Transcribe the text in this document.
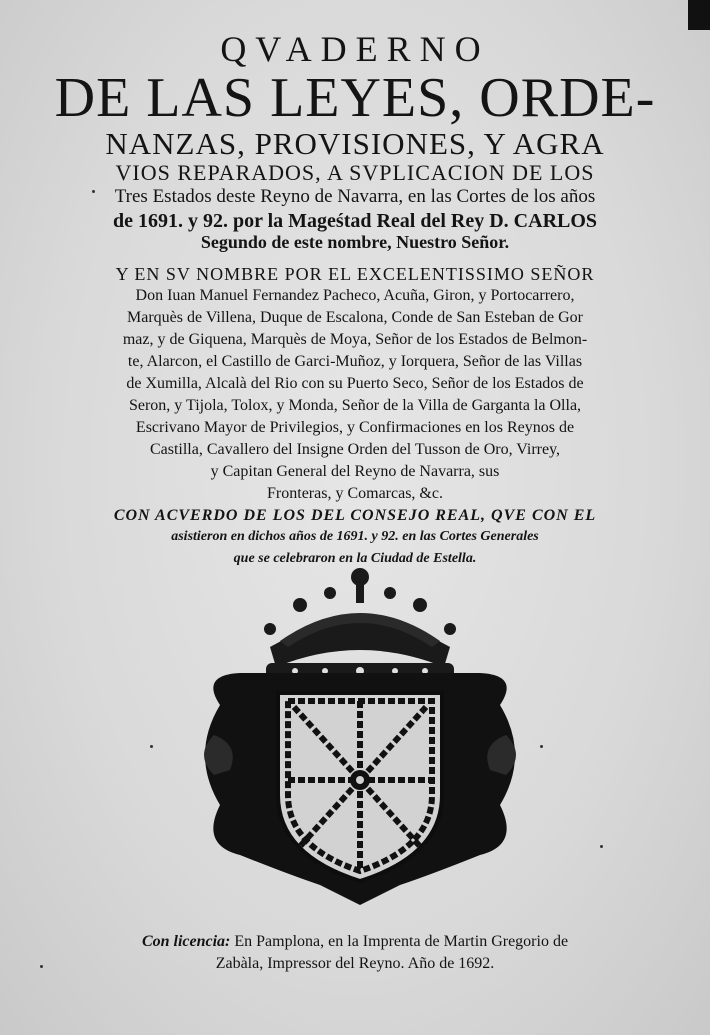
QVADERNO
DE LAS LEYES, ORDE-
NANZAS, PROVISIONES, Y AGRA
VIOS REPARADOS, A SVPLICACION DE LOS
Tres Estados deste Reyno de Navarra, en las Cortes de los años
de 1691. y 92. por la Mageśtad Real del Rey D. CARLOS
Segundo de este nombre, Nuestro Señor.
Y EN SV NOMBRE POR EL EXCELENTISSIMO SEÑOR
Don Iuan Manuel Fernandez Pacheco, Acuña, Giron, y Portocarrero,
Marquès de Villena, Duque de Escalona, Conde de San Esteban de Gor
maz, y de Giquena, Marquès de Moya, Señor de los Estados de Belmon-
te, Alarcon, el Castillo de Garci-Muñoz, y Iorquera, Señor de las Villas
de Xumilla, Alcalà del Rio con su Puerto Seco, Señor de los Estados de
Seron, y Tijola, Tolox, y Monda, Señor de la Villa de Garganta la Olla,
Escrivano Mayor de Privilegios, y Confirmaciones en los Reynos de
Castilla, Cavallero del Insigne Orden del Tusson de Oro, Virrey,
y Capitan General del Reyno de Navarra, sus
Fronteras, y Comarcas, &c.
CON ACVERDO DE LOS DEL CONSEJO REAL, QVE CON EL
asistieron en dichos años de 1691. y 92. en las Cortes Generales
que se celebraron en la Ciudad de Estella.
Con licencia: En Pamplona, en la Imprenta de Martin Gregorio de
Zabàla, Impressor del Reyno. Año de 1692.
